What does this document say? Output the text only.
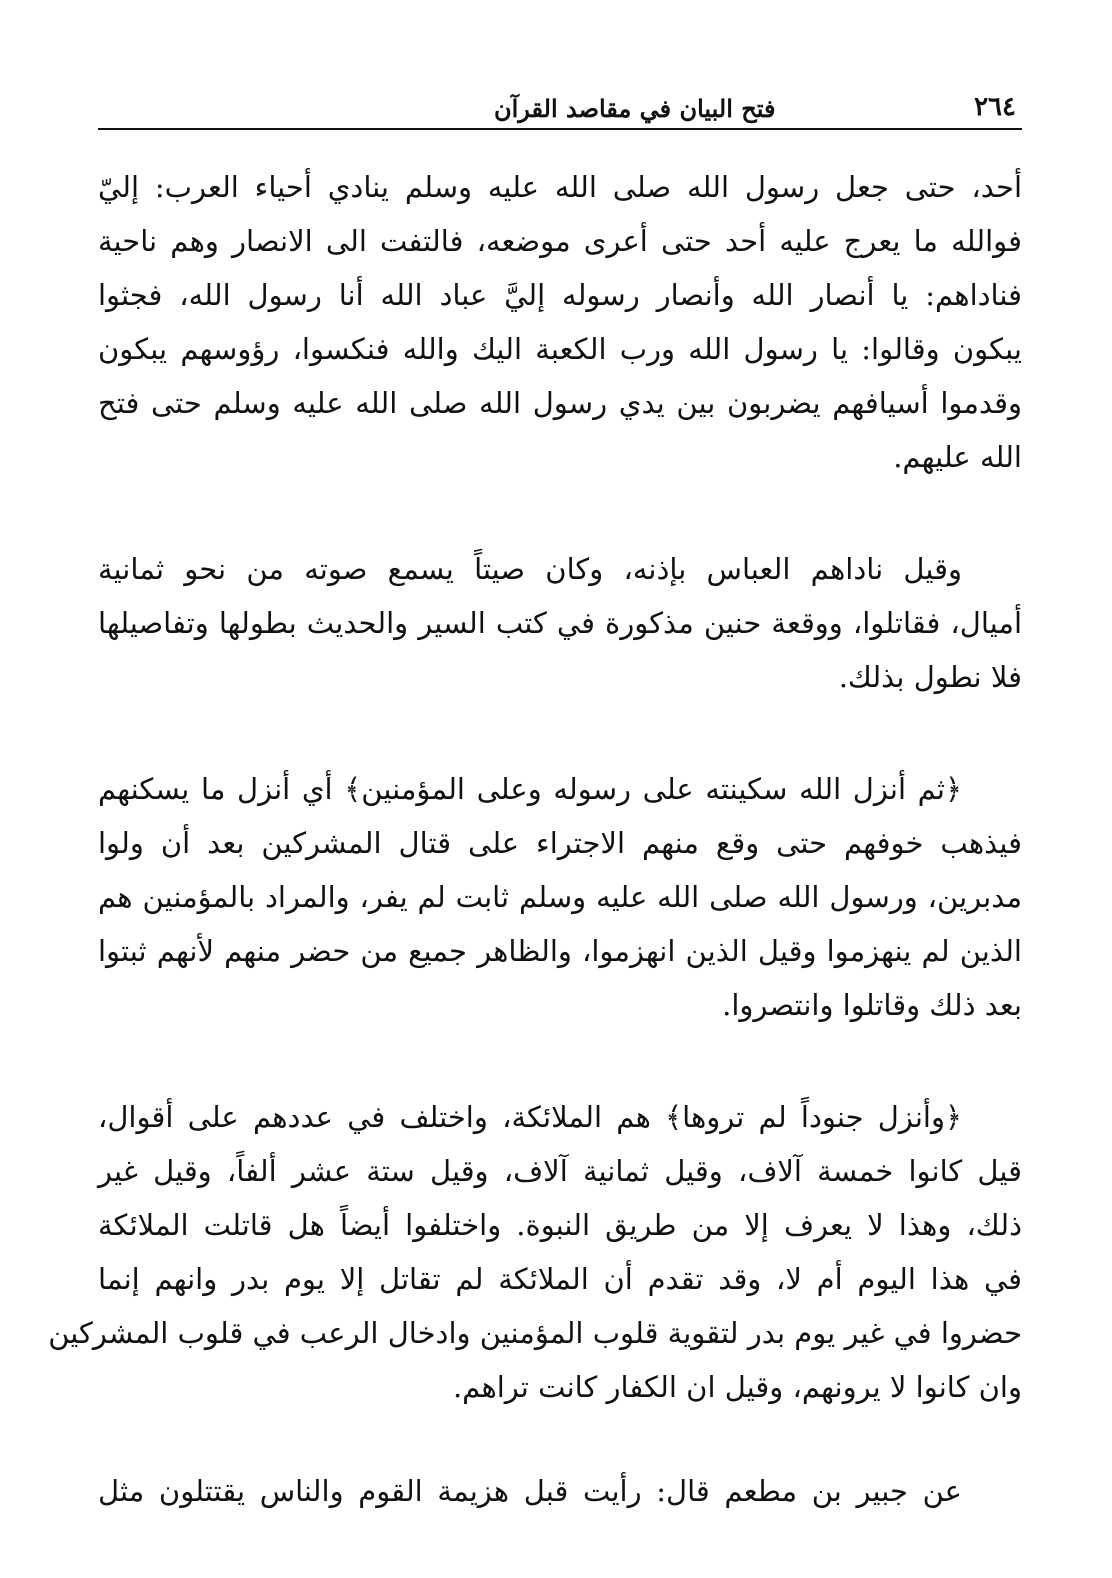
٢٦٤
فتح البيان في مقاصد القرآن

أحد، حتى جعل رسول الله صلى الله عليه وسلم ينادي أحياء العرب: إليّ
فوالله ما يعرج عليه أحد حتى أعرى موضعه، فالتفت الى الانصار وهم ناحية
فناداهم: يا أنصار الله وأنصار رسوله إليَّ عباد الله أنا رسول الله، فجثوا
يبكون وقالوا: يا رسول الله ورب الكعبة اليك والله فنكسوا، رؤوسهم يبكون
وقدموا أسيافهم يضربون بين يدي رسول الله صلى الله عليه وسلم حتى فتح
الله عليهم.

وقيل ناداهم العباس بإذنه، وكان صيتاً يسمع صوته من نحو ثمانية
أميال، فقاتلوا، ووقعة حنين مذكورة في كتب السير والحديث بطولها وتفاصيلها
فلا نطول بذلك.

﴿ثم أنزل الله سكينته على رسوله وعلى المؤمنين﴾ أي أنزل ما يسكنهم
فيذهب خوفهم حتى وقع منهم الاجتراء على قتال المشركين بعد أن ولوا
مدبرين، ورسول الله صلى الله عليه وسلم ثابت لم يفر، والمراد بالمؤمنين هم
الذين لم ينهزموا وقيل الذين انهزموا، والظاهر جميع من حضر منهم لأنهم ثبتوا
بعد ذلك وقاتلوا وانتصروا.

﴿وأنزل جنوداً لم تروها﴾ هم الملائكة، واختلف في عددهم على أقوال،
قيل كانوا خمسة آلاف، وقيل ثمانية آلاف، وقيل ستة عشر ألفاً، وقيل غير
ذلك، وهذا لا يعرف إلا من طريق النبوة. واختلفوا أيضاً هل قاتلت الملائكة
في هذا اليوم أم لا، وقد تقدم أن الملائكة لم تقاتل إلا يوم بدر وانهم إنما
حضروا في غير يوم بدر لتقوية قلوب المؤمنين وادخال الرعب في قلوب المشركين
وان كانوا لا يرونهم، وقيل ان الكفار كانت تراهم.

عن جبير بن مطعم قال: رأيت قبل هزيمة القوم والناس يقتتلون مثل
